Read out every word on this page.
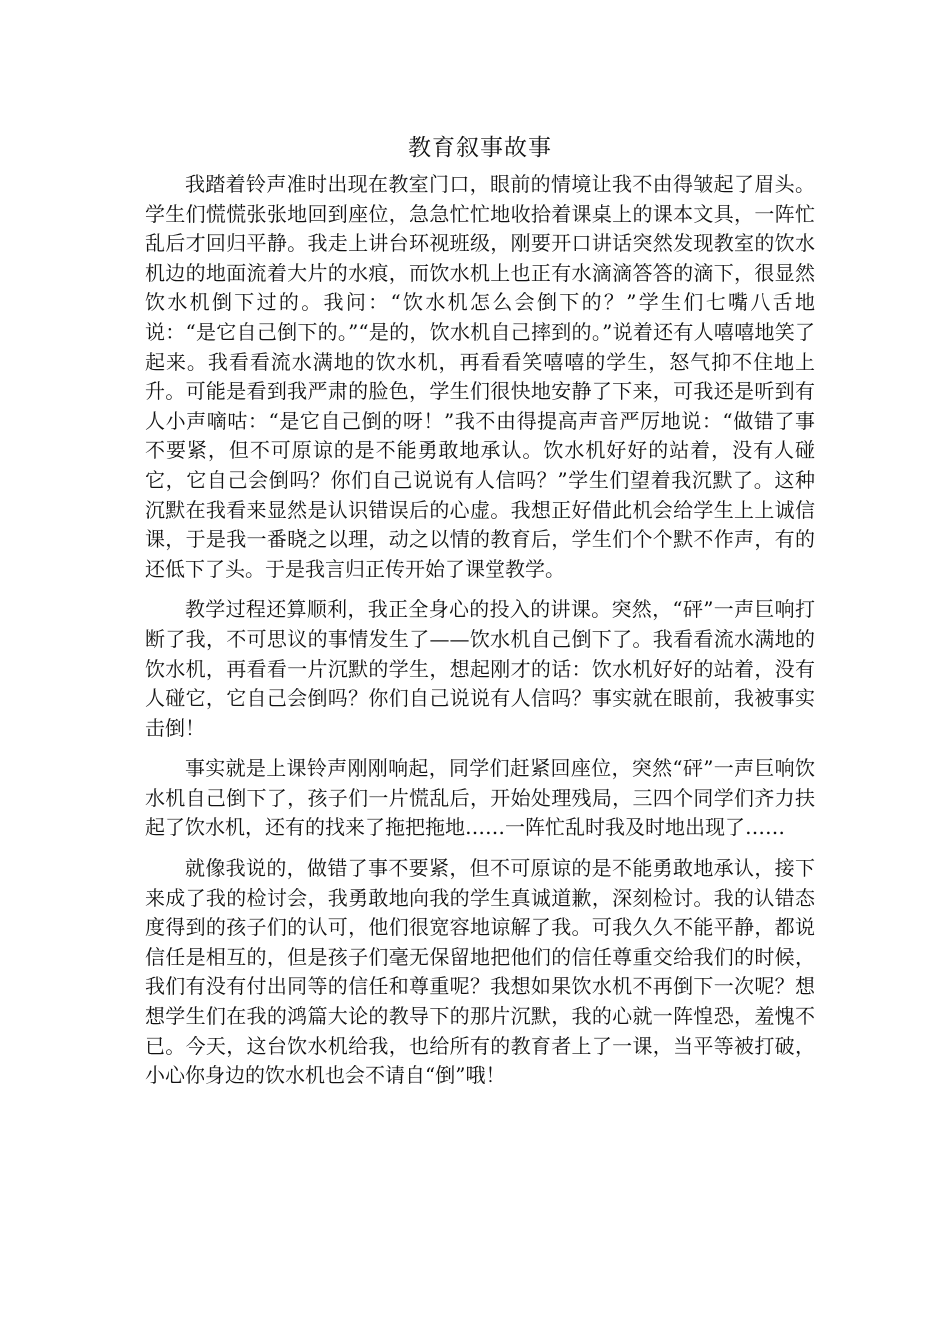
教育叙事故事

我踏着铃声准时出现在教室门口，眼前的情境让我不由得皱起了眉头。学生们慌慌张张地回到座位，急急忙忙地收拾着课桌上的课本文具，一阵忙乱后才回归平静。我走上讲台环视班级，刚要开口讲话突然发现教室的饮水机边的地面流着大片的水痕，而饮水机上也正有水滴滴答答的滴下，很显然饮水机倒下过的。我问：“饮水机怎么会倒下的？”学生们七嘴八舌地说：“是它自己倒下的。”“是的，饮水机自己摔到的。”说着还有人嘻嘻地笑了起来。我看看流水满地的饮水机，再看看笑嘻嘻的学生，怒气抑不住地上升。可能是看到我严肃的脸色，学生们很快地安静了下来，可我还是听到有人小声嘀咕：“是它自己倒的呀！”我不由得提高声音严厉地说：“做错了事不要紧，但不可原谅的是不能勇敢地承认。饮水机好好的站着，没有人碰它，它自己会倒吗？你们自己说说有人信吗？”学生们望着我沉默了。这种沉默在我看来显然是认识错误后的心虚。我想正好借此机会给学生上上诚信课，于是我一番晓之以理，动之以情的教育后，学生们个个默不作声，有的还低下了头。于是我言归正传开始了课堂教学。

教学过程还算顺利，我正全身心的投入的讲课。突然，“砰”一声巨响打断了我，不可思议的事情发生了——饮水机自己倒下了。我看看流水满地的饮水机，再看看一片沉默的学生，想起刚才的话：饮水机好好的站着，没有人碰它，它自己会倒吗？你们自己说说有人信吗？事实就在眼前，我被事实击倒！

事实就是上课铃声刚刚响起，同学们赶紧回座位，突然“砰”一声巨响饮水机自己倒下了，孩子们一片慌乱后，开始处理残局，三四个同学们齐力扶起了饮水机，还有的找来了拖把拖地……一阵忙乱时我及时地出现了……

就像我说的，做错了事不要紧，但不可原谅的是不能勇敢地承认，接下来成了我的检讨会，我勇敢地向我的学生真诚道歉，深刻检讨。我的认错态度得到的孩子们的认可，他们很宽容地谅解了我。可我久久不能平静，都说信任是相互的，但是孩子们毫无保留地把他们的信任尊重交给我们的时候，我们有没有付出同等的信任和尊重呢？我想如果饮水机不再倒下一次呢？想想学生们在我的鸿篇大论的教导下的那片沉默，我的心就一阵惶恐，羞愧不已。今天，这台饮水机给我，也给所有的教育者上了一课，当平等被打破，小心你身边的饮水机也会不请自“倒”哦！
